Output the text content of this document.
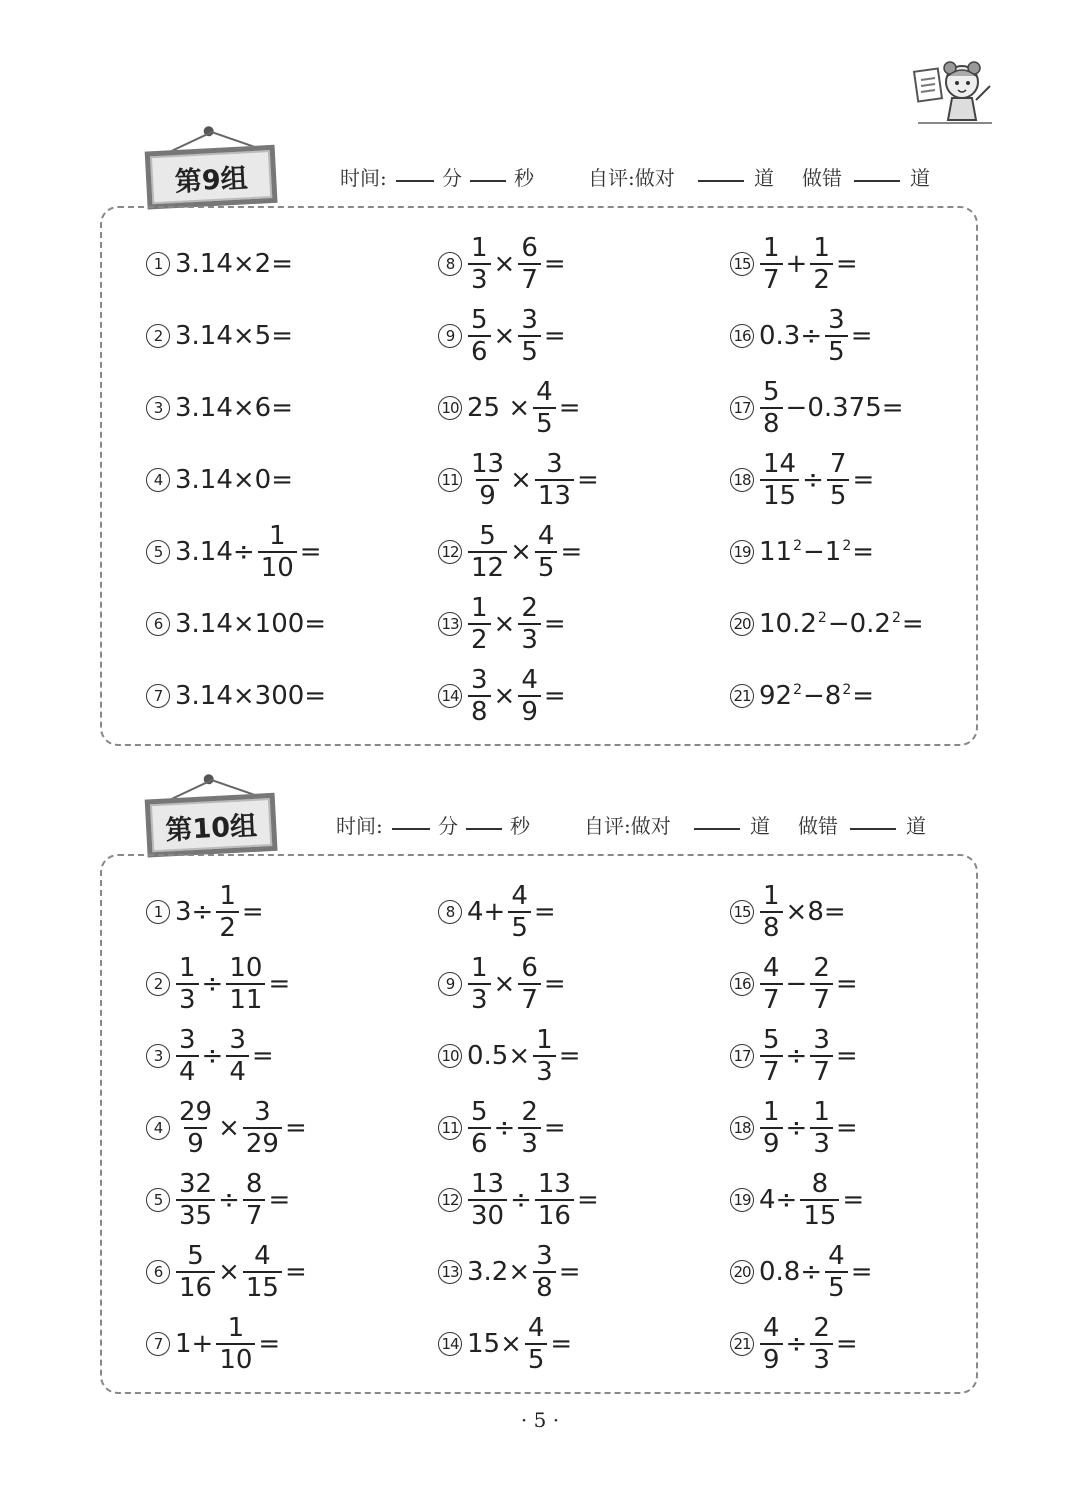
第9组	时间:	分	秒	自评:做对	道 做错	道
1 3.14×2=
2 3.14×5=
3 3.14×6=
4 3.14×0=
5 $3.14\div \frac{1}{10}$ =
6 3.14×100=
7 3.14×300=
$8 \frac{1}{3} \times \frac{6}{7}$ =
$9 \frac{5}{6} \times \frac{3}{5}$ =
10 $25 \times \frac{4}{5}$ =
$11 \frac{13}{9} \times \frac{3}{13}$ =
$12 \frac{5}{12} \times \frac{4}{5}$ =
$13 \frac{1}{2} \times \frac{2}{3}$ =
$14 \frac{3}{8} \times \frac{4}{9}$ =
$15 \frac{1}{7} + \frac{1}{2}$ =
16 $0.3\div \frac{3}{5}$ =
$17 \frac{5}{8} -0.375=$
$18 \frac{14}{15} \div \frac{7}{5}$ =
19 $11^2 -1^2$ =
20 $10.2^2 -0.2^2$ =
21 $92^2 -8^2$ =
第10组	时间:	分	秒	自评:做对	道 做错	道
1 $3\div \frac{1}{2}$ =
$2 \frac{1}{3} \div \frac{10}{11}$ =
$3 \frac{3}{4} \div \frac{3}{4}$ =
$4 \frac{29}{9} \times \frac{3}{29}$ =
$5 \frac{32}{35} \div \frac{8}{7}$ =
$6 \frac{5}{16} \times \frac{4}{15}$ =
7 $1+ \frac{1}{10}$ =
8 $4+ \frac{4}{5}$ =
$9 \frac{1}{3} \times \frac{6}{7}$ =
10 $0.5\times \frac{1}{3}$ =
$11 \frac{5}{6} \div \frac{2}{3}$ =
$12 \frac{13}{30} \div \frac{13}{16}$ =
13 $3.2\times \frac{3}{8}$ =
14 $15\times \frac{4}{5}$ =
$15 \frac{1}{8} \times 8=$
$16 \frac{4}{7} - \frac{2}{7}$ =
$17 \frac{5}{7} \div \frac{3}{7}$ =
$18 \frac{1}{9} \div \frac{1}{3}$ =
19 $4\div \frac{8}{15}$ =
20 $0.8\div \frac{4}{5}$ =
$21 \frac{4}{9} \div \frac{2}{3}$ =
· 5 ·
